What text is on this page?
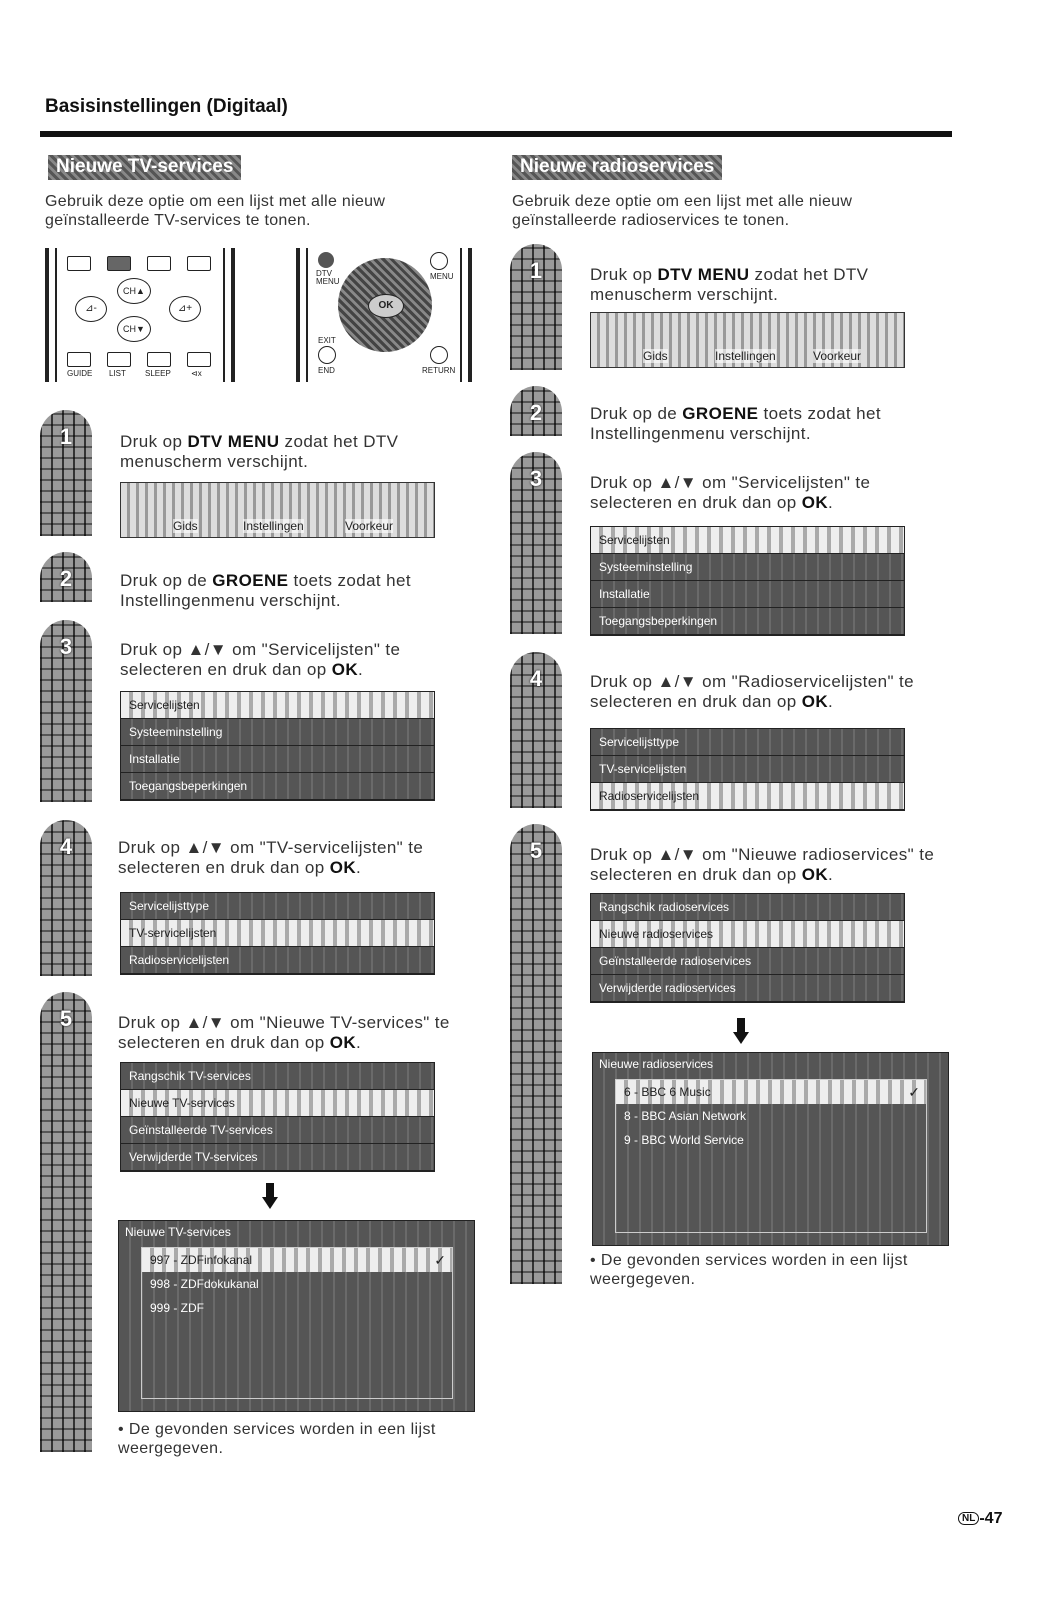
Basisinstellingen (Digitaal)
Nieuwe TV-services
Gebruik deze optie om een lijst met alle nieuw geïnstalleerde TV-services te tonen.
CH▲
CH▼
⊿-	⊿+
GUIDE LIST SLEEP	⊲x
DTV MENU
MENU
OK
EXIT
END	RETURN
1
2
3
4
5
Druk op DTV MENU zodat het DTV menuscherm verschijnt.
Druk op de GROENE toets zodat het Instellingenmenu verschijnt.
Druk op ▲/▼ om "Servicelijsten" te selecteren en druk dan op OK.
Druk op ▲/▼ om "TV-servicelijsten" te selecteren en druk dan op OK.
Druk op ▲/▼ om "Nieuwe TV-services" te selecteren en druk dan op OK.
Gids	Instellingen	Voorkeur
Servicelijsten
Systeeminstelling
Installatie
Toegangsbeperkingen
Servicelijsttype
TV-servicelijsten
Radioservicelijsten
Rangschik TV-services
Nieuwe TV-services
Geïnstalleerde TV-services
Verwijderde TV-services
Nieuwe TV-services
997 - ZDFinfokanal	✓
998 - ZDFdokukanal
999 - ZDF
• De gevonden services worden in een lijst weergegeven.
Nieuwe radioservices
Gebruik deze optie om een lijst met alle nieuw geïnstalleerde radioservices te tonen.
1
2
3
4
5
Druk op DTV MENU zodat het DTV menuscherm verschijnt.
Druk op de GROENE toets zodat het Instellingenmenu verschijnt.
Druk op ▲/▼ om "Servicelijsten" te selecteren en druk dan op OK.
Druk op ▲/▼ om "Radioservicelijsten" te selecteren en druk dan op OK.
Druk op ▲/▼ om "Nieuwe radioservices" te selecteren en druk dan op OK.
Gids	Instellingen	Voorkeur
Servicelijsten
Systeeminstelling
Installatie
Toegangsbeperkingen
Servicelijsttype
TV-servicelijsten
Radioservicelijsten
Rangschik radioservices
Nieuwe radioservices
Geïnstalleerde radioservices
Verwijderde radioservices
Nieuwe radioservices
6 - BBC 6 Music	✓
8 - BBC Asian Network
9 - BBC World Service
• De gevonden services worden in een lijst weergegeven.
NL -47
